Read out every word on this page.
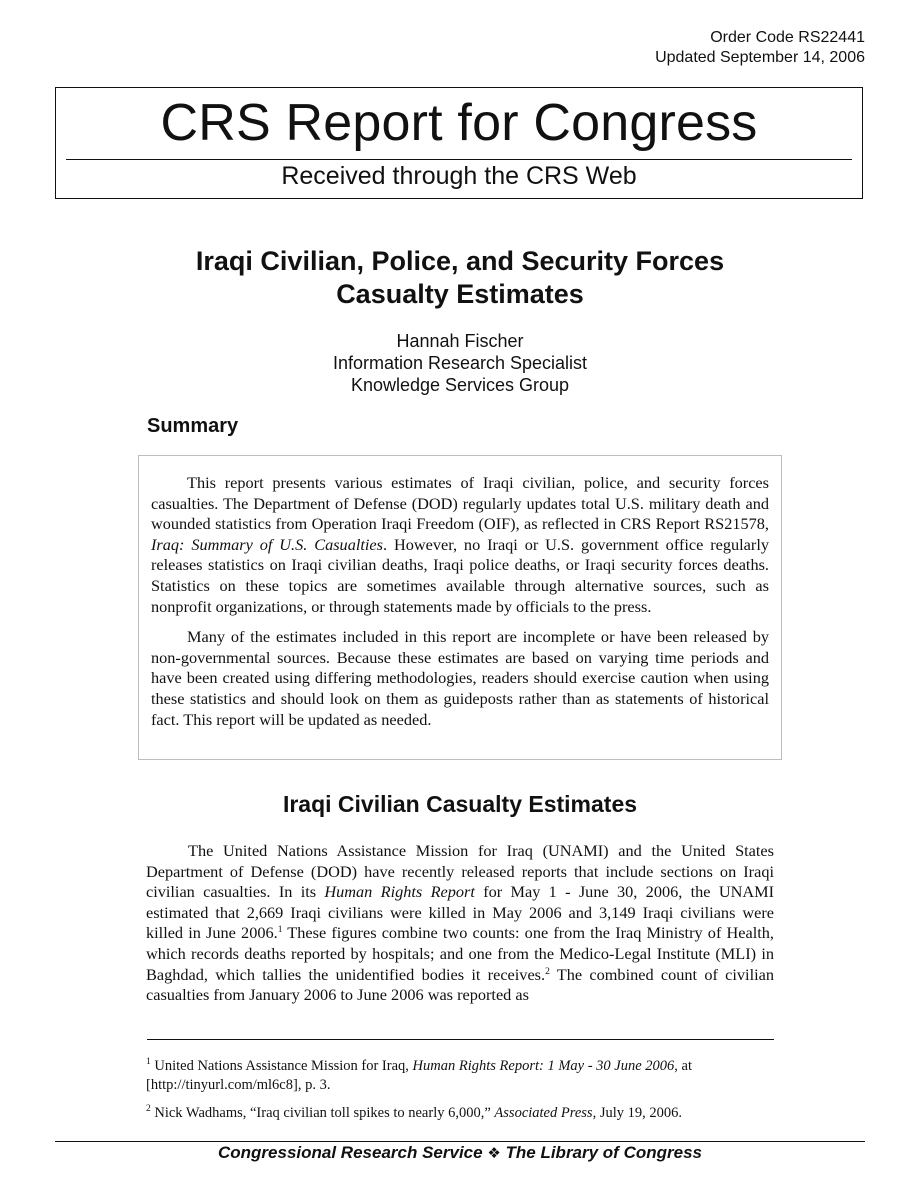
Order Code RS22441
Updated September 14, 2006
CRS Report for Congress
Received through the CRS Web
Iraqi Civilian, Police, and Security Forces
Casualty Estimates
Hannah Fischer
Information Research Specialist
Knowledge Services Group
Summary

This report presents various estimates of Iraqi civilian, police, and security forces casualties. The Department of Defense (DOD) regularly updates total U.S. military death and wounded statistics from Operation Iraqi Freedom (OIF), as reflected in CRS Report RS21578, Iraq: Summary of U.S. Casualties. However, no Iraqi or U.S. government office regularly releases statistics on Iraqi civilian deaths, Iraqi police deaths, or Iraqi security forces deaths. Statistics on these topics are sometimes available through alternative sources, such as nonprofit organizations, or through statements made by officials to the press.

Many of the estimates included in this report are incomplete or have been released by non-governmental sources. Because these estimates are based on varying time periods and have been created using differing methodologies, readers should exercise caution when using these statistics and should look on them as guideposts rather than as statements of historical fact. This report will be updated as needed.

Iraqi Civilian Casualty Estimates

The United Nations Assistance Mission for Iraq (UNAMI) and the United States Department of Defense (DOD) have recently released reports that include sections on Iraqi civilian casualties. In its Human Rights Report for May 1 - June 30, 2006, the UNAMI estimated that 2,669 Iraqi civilians were killed in May 2006 and 3,149 Iraqi civilians were killed in June 2006.$^1$ These figures combine two counts: one from the Iraq Ministry of Health, which records deaths reported by hospitals; and one from the Medico-Legal Institute (MLI) in Baghdad, which tallies the unidentified bodies it receives.$^2$ The combined count of civilian casualties from January 2006 to June 2006 was reported as

$^1$ United Nations Assistance Mission for Iraq, Human Rights Report: 1 May - 30 June 2006, at [http://tinyurl.com/ml6c8], p. 3.

$^2$ Nick Wadhams, “Iraq civilian toll spikes to nearly 6,000,” Associated Press, July 19, 2006.

Congressional Research Service ❖ The Library of Congress
